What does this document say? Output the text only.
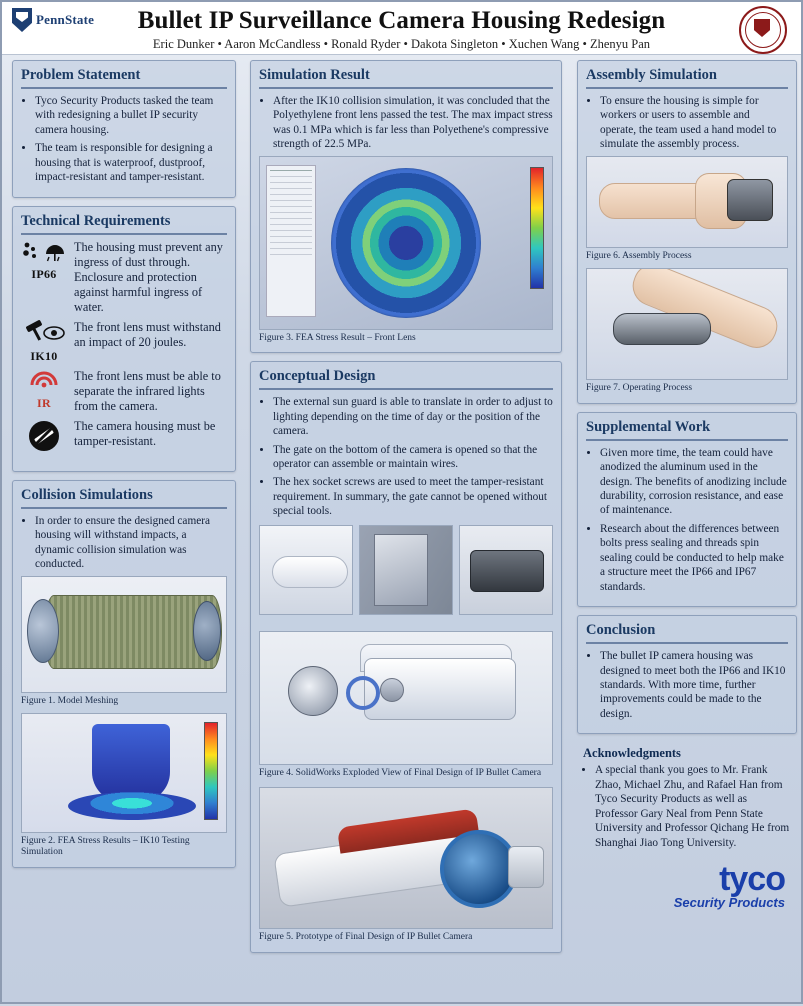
PennState	Bullet IP Surveillance Camera Housing Redesign
Eric Dunker • Aaron McCandless • Ronald Ryder • Dakota Singleton • Xuchen Wang • Zhenyu Pan
Problem Statement
• Tyco Security Products tasked the team with redesigning a bullet IP security camera housing.
• The team is responsible for designing a housing that is waterproof, dustproof, impact-resistant and tamper-resistant.
Technical Requirements
IP66
The housing must prevent any ingress of dust through. Enclosure and protection against harmful ingress of water.
IK10
The front lens must withstand an impact of 20 joules.
IR
The front lens must be able to separate the infrared lights from the camera.
The camera housing must be tamper-resistant.
Collision Simulations
• In order to ensure the designed camera housing will withstand impacts, a dynamic collision simulation was conducted.
Figure 1. Model Meshing
Figure 2. FEA Stress Results – IK10 Testing Simulation
Simulation Result
• After the IK10 collision simulation, it was concluded that the Polyethylene front lens passed the test. The max impact stress was 0.1 MPa which is far less than Polyethene's compressive strength of 22.5 MPa.
Figure 3. FEA Stress Result – Front Lens
Conceptual Design
• The external sun guard is able to translate in order to adjust to lighting depending on the time of day or the position of the camera.
• The gate on the bottom of the camera is opened so that the operator can assemble or maintain wires.
• The hex socket screws are used to meet the tamper-resistant requirement. In summary, the gate cannot be opened without special tools.
Figure 4. SolidWorks Exploded View of Final Design of IP Bullet Camera
Figure 5. Prototype of Final Design of IP Bullet Camera
Assembly Simulation
• To ensure the housing is simple for workers or users to assemble and operate, the team used a hand model to simulate the assembly process.
Figure 6. Assembly Process
Figure 7. Operating Process
Supplemental Work
• Given more time, the team could have anodized the aluminum used in the design. The benefits of anodizing include durability, corrosion resistance, and ease of maintenance.
• Research about the differences between bolts press sealing and threads spin sealing could be conducted to help make a structure meet the IP66 and IP67 standards.
Conclusion
• The bullet IP camera housing was designed to meet both the IP66 and IK10 standards. With more time, further improvements could be made to the design.
Acknowledgments
• A special thank you goes to Mr. Frank Zhao, Michael Zhu, and Rafael Han from Tyco Security Products as well as Professor Gary Neal from Penn State University and Professor Qichang He from Shanghai Jiao Tong University.
tyco
Security Products
